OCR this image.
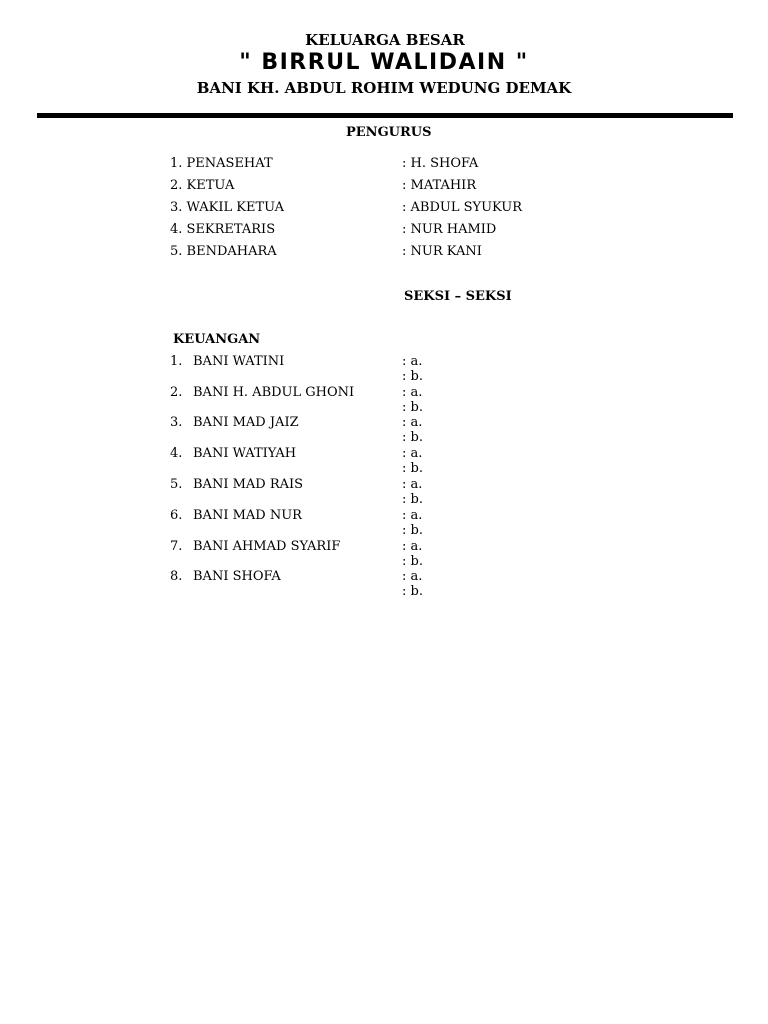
KELUARGA BESAR
" BIRRUL WALIDAIN "
BANI KH. ABDUL ROHIM WEDUNG DEMAK
PENGURUS
1. PENASEHAT	: H. SHOFA
2. KETUA	: MATAHIR
3. WAKIL KETUA	: ABDUL SYUKUR
4. SEKRETARIS	: NUR HAMID
5. BENDAHARA	: NUR KANI
SEKSI – SEKSI
KEUANGAN
1. BANI WATINI	: a.
: b.
2. BANI H. ABDUL GHONI	: a.
: b.
3. BANI MAD JAIZ	: a.
: b.
4. BANI WATIYAH	: a.
: b.
5. BANI MAD RAIS	: a.
: b.
6. BANI MAD NUR	: a.
: b.
7. BANI AHMAD SYARIF	: a.
: b.
8. BANI SHOFA	: a.
: b.
